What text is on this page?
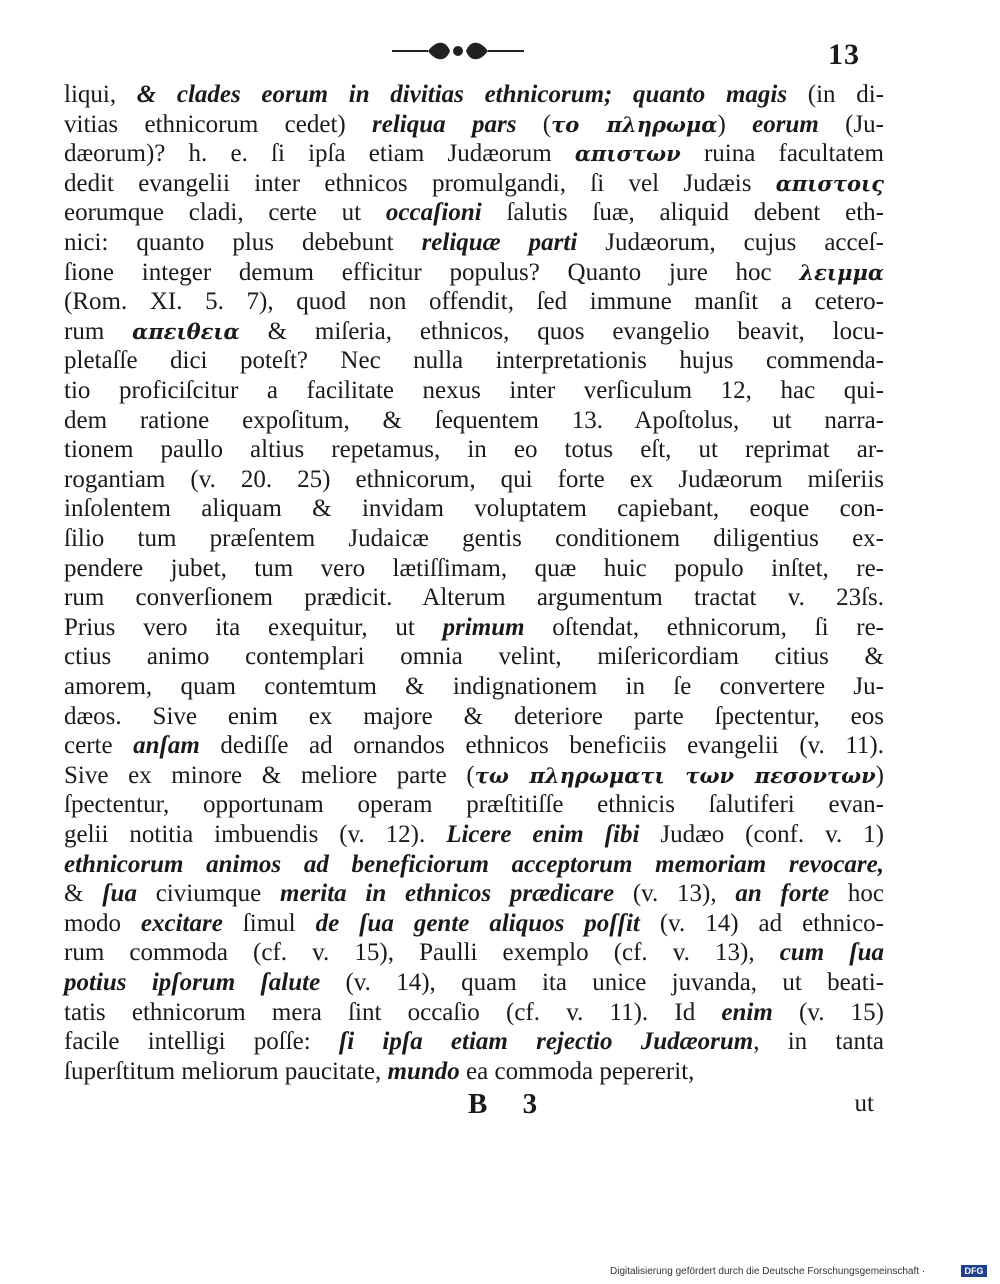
13
liqui, & clades eorum in divitias ethnicorum; quanto magis (in di-
vitias ethnicorum cedet) reliqua pars (το πληρωμα) eorum (Ju-
dæorum)? h. e. ſi ipſa etiam Judæorum απιστων ruina facultatem
dedit evangelii inter ethnicos promulgandi, ſi vel Judæis απιστοις
eorumque cladi, certe ut occaſioni ſalutis ſuæ, aliquid debent eth-
nici: quanto plus debebunt reliquæ parti Judæorum, cujus acceſ-
ſione integer demum efficitur populus? Quanto jure hoc λειμμα
(Rom. XI. 5. 7), quod non offendit, ſed immune manſit a cetero-
rum απειθεια & miſeria, ethnicos, quos evangelio beavit, locu-
pletaſſe dici poteſt? Nec nulla interpretationis hujus commenda-
tio proficiſcitur a facilitate nexus inter verſiculum 12, hac qui-
dem ratione expoſitum, & ſequentem 13. Apoſtolus, ut narra-
tionem paullo altius repetamus, in eo totus eſt, ut reprimat ar-
rogantiam (v. 20. 25) ethnicorum, qui forte ex Judæorum miſeriis
inſolentem aliquam & invidam voluptatem capiebant, eoque con-
ſilio tum præſentem Judaicæ gentis conditionem diligentius ex-
pendere jubet, tum vero lætiſſimam, quæ huic populo inſtet, re-
rum converſionem prædicit. Alterum argumentum tractat v. 23ſs.
Prius vero ita exequitur, ut primum oſtendat, ethnicorum, ſi re-
ctius animo contemplari omnia velint, miſericordiam citius &
amorem, quam contemtum & indignationem in ſe convertere Ju-
dæos. Sive enim ex majore & deteriore parte ſpectentur, eos
certe anſam dediſſe ad ornandos ethnicos beneficiis evangelii (v. 11).
Sive ex minore & meliore parte (τω πληρωματι των πεσοντων)
ſpectentur, opportunam operam præſtitiſſe ethnicis ſalutiferi evan-
gelii notitia imbuendis (v. 12). Licere enim ſibi Judæo (conf. v. 1)
ethnicorum animos ad beneficiorum acceptorum memoriam revocare,
& ſua civiumque merita in ethnicos prædicare (v. 13), an forte hoc
modo excitare ſimul de ſua gente aliquos poſſit (v. 14) ad ethnico-
rum commoda (cf. v. 15), Paulli exemplo (cf. v. 13), cum ſua
potius ipſorum ſalute (v. 14), quam ita unice juvanda, ut beati-
tatis ethnicorum mera ſint occaſio (cf. v. 11). Id enim (v. 15)
facile intelligi poſſe: ſi ipſa etiam rejectio Judæorum, in tanta
ſuperſtitum meliorum paucitate, mundo ea commoda pepererit,
B 3	ut
Digitalisierung gefördert durch die Deutsche Forschungsgemeinschaft ·	DFG
